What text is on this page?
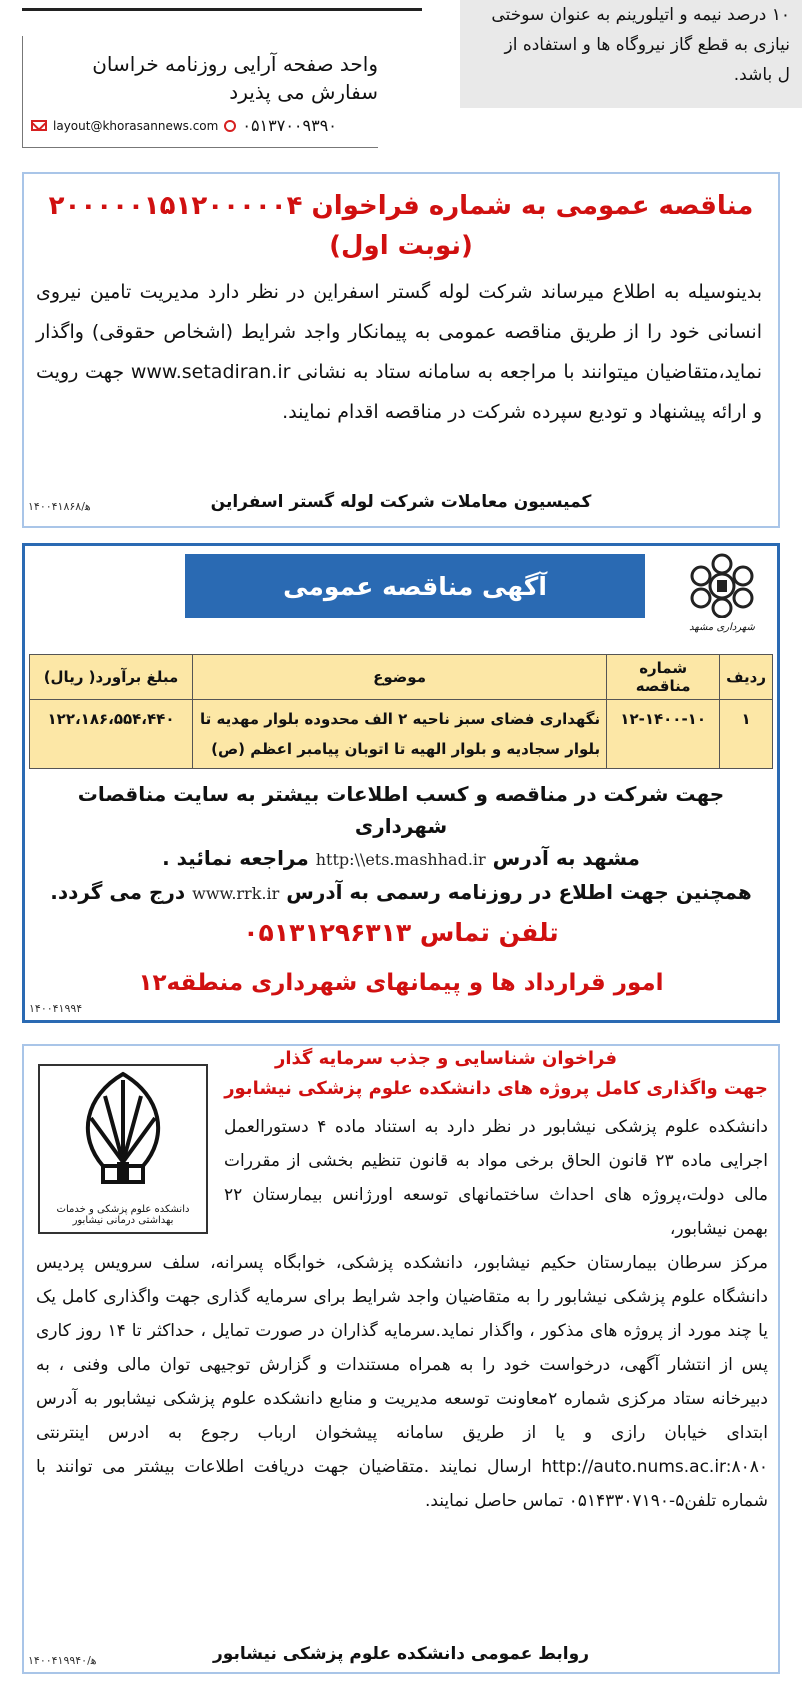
۱۰ درصد نیمه و اتیلورینم به عنوان سوختی
نیازی به قطع گاز نیروگاه ها و استفاده از
ل باشد.
واحد صفحه آرایی روزنامه خراسان
سفارش می پذیرد
layout@khorasannews.com ۰۵۱۳۷۰۰۹۳۹۰
مناقصه عمومی به شماره فراخوان ۲۰۰۰۰۰۱۵۱۲۰۰۰۰۰۴
(نوبت اول)
بدینوسیله به اطلاع میرساند شرکت لوله گستر اسفراین در نظر دارد مدیریت تامین نیروی انسانی خود را از طریق مناقصه عمومی به پیمانکار واجد شرایط (اشخاص حقوقی) واگذار نماید،متقاضیان میتوانند با مراجعه به سامانه ستاد به نشانی www.setadiran.ir جهت رویت و ارائه پیشنهاد و تودیع سپرده شرکت در مناقصه اقدام نمایند.
کمیسیون معاملات شرکت لوله گستر اسفراین
ﻫ/۱۴۰۰۴۱۸۶۸
آگهی مناقصه عمومی
شهرداری مشهد
ردیف	شماره مناقصه	موضوع	مبلغ برآورد( ریال)
۱	۱۲-۱۴۰۰-۱۰	نگهداری فضای سبز ناحیه ۲ الف محدوده بلوار مهدیه تا بلوار سجادیه و بلوار الهیه تا اتوبان پیامبر اعظم (ص)	۱۲۲،۱۸۶،۵۵۴،۴۴۰
جهت شرکت در مناقصه و کسب اطلاعات بیشتر به سایت مناقصات شهرداری
مشهد به آدرس http:\\ets.mashhad.ir مراجعه نمائید .
همچنین جهت اطلاع در روزنامه رسمی به آدرس www.rrk.ir درج می گردد.
تلفن تماس ۰۵۱۳۱۲۹۶۳۱۳
امور قرارداد ها و پیمانهای شهرداری منطقه۱۲
۱۴۰۰۴۱۹۹۴
دانشکده علوم پزشکی و خدمات بهداشتی درمانی نیشابور
فراخوان شناسایی و جذب سرمایه گذار
جهت واگذاری کامل پروژه های دانشکده علوم پزشکی نیشابور
دانشکده علوم پزشکی نیشابور در نظر دارد به استناد ماده ۴ دستورالعمل اجرایی ماده ۲۳ قانون الحاق برخی مواد به قانون تنظیم بخشی از مقررات مالی دولت،پروژه های احداث ساختمانهای توسعه اورژانس بیمارستان ۲۲ بهمن نیشابور،
مرکز سرطان بیمارستان حکیم نیشابور، دانشکده پزشکی، خوابگاه پسرانه، سلف سرویس پردیس دانشگاه علوم پزشکی نیشابور را به متقاضیان واجد شرایط برای سرمایه گذاری جهت واگذاری کامل یک یا چند مورد از پروژه های مذکور ، واگذار نماید.سرمایه گذاران در صورت تمایل ، حداکثر تا ۱۴ روز کاری پس از انتشار آگهی، درخواست خود را به همراه مستندات و گزارش توجیهی توان مالی وفنی ، به دبیرخانه ستاد مرکزی شماره ۲معاونت توسعه مدیریت و منابع دانشکده علوم پزشکی نیشابور به آدرس ابتدای خیابان رازی و یا از طریق سامانه پیشخوان ارباب رجوع به ادرس اینترنتی http://auto.nums.ac.ir:۸۰۸۰ ارسال نمایند .متقاضیان جهت دریافت اطلاعات بیشتر می توانند با شماره تلفن۵-۰۵۱۴۳۳۰۷۱۹۰ تماس حاصل نمایند.
روابط عمومی دانشکده علوم پزشکی نیشابور
ﻫ/۱۴۰۰۴۱۹۹۴۰
